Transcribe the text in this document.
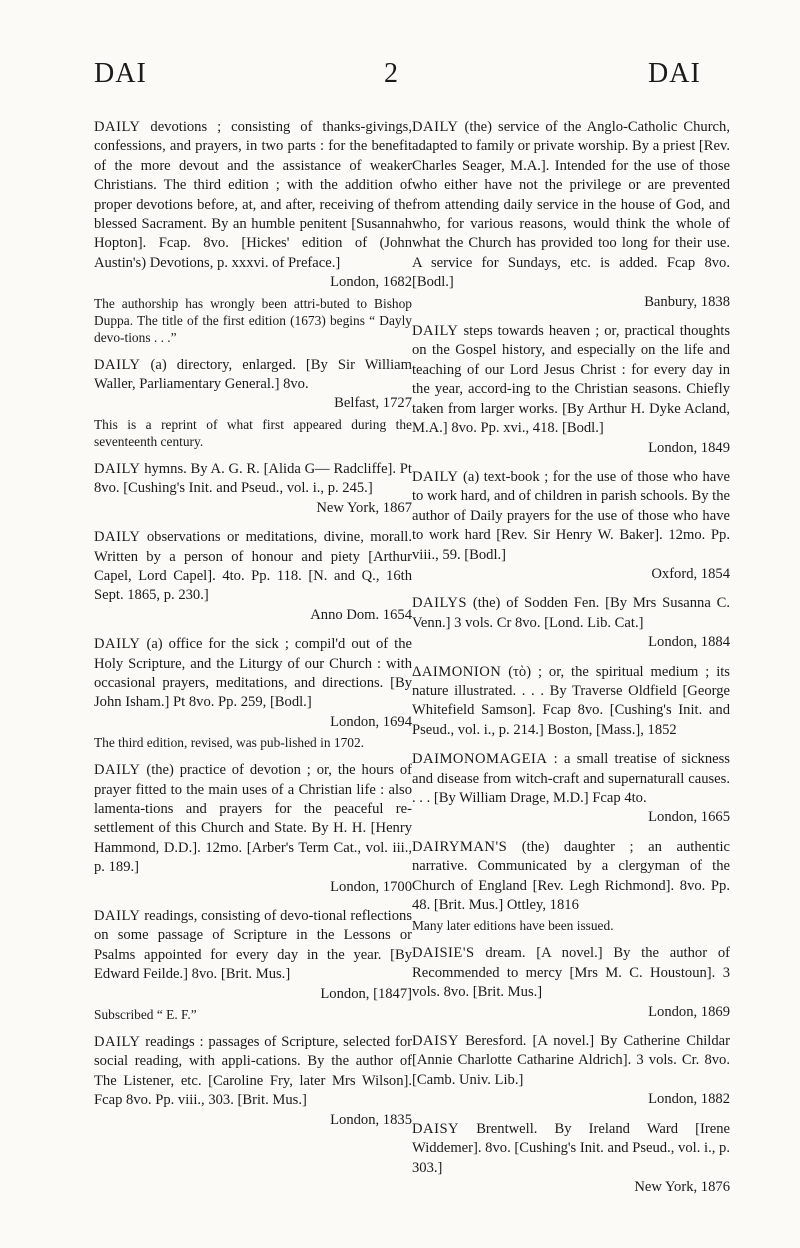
DAI	2	DAI
DAILY devotions ; consisting of thanks-givings, confessions, and prayers, in two parts : for the benefit of the more devout and the assistance of weaker Christians. The third edition ; with the addition of proper devotions before, at, and after, receiving of the blessed Sacrament. By an humble penitent [Susannah Hopton]. Fcap. 8vo. [Hickes' edition of (John Austin's) Devotions, p. xxxvi. of Preface.]
London, 1682
The authorship has wrongly been attri-buted to Bishop Duppa. The title of the first edition (1673) begins “ Dayly devo-tions . . .”
DAILY (a) directory, enlarged. [By Sir William Waller, Parliamentary General.] 8vo.
Belfast, 1727
This is a reprint of what first appeared during the seventeenth century.
DAILY hymns. By A. G. R. [Alida G— Radcliffe]. Pt 8vo. [Cushing's Init. and Pseud., vol. i., p. 245.]
New York, 1867
DAILY observations or meditations, divine, morall. Written by a person of honour and piety [Arthur Capel, Lord Capel]. 4to. Pp. 118. [N. and Q., 16th Sept. 1865, p. 230.]
Anno Dom. 1654
DAILY (a) office for the sick ; compil'd out of the Holy Scripture, and the Liturgy of our Church : with occasional prayers, meditations, and directions. [By John Isham.] Pt 8vo. Pp. 259, [Bodl.]
London, 1694
The third edition, revised, was pub-lished in 1702.
DAILY (the) practice of devotion ; or, the hours of prayer fitted to the main uses of a Christian life : also lamenta-tions and prayers for the peaceful re-settlement of this Church and State. By H. H. [Henry Hammond, D.D.]. 12mo. [Arber's Term Cat., vol. iii., p. 189.]
London, 1700
DAILY readings, consisting of devo-tional reflections on some passage of Scripture in the Lessons or Psalms appointed for every day in the year. [By Edward Feilde.] 8vo. [Brit. Mus.]
London, [1847]
Subscribed “ E. F.”
DAILY readings : passages of Scripture, selected for social reading, with appli-cations. By the author of The Listener, etc. [Caroline Fry, later Mrs Wilson]. Fcap 8vo. Pp. viii., 303. [Brit. Mus.]
London, 1835
DAILY (the) service of the Anglo-Catholic Church, adapted to family or private worship. By a priest [Rev. Charles Seager, M.A.]. Intended for the use of those who either have not the privilege or are prevented from attending daily service in the house of God, and who, for various reasons, would think the whole of what the Church has provided too long for their use. A service for Sundays, etc. is added. Fcap 8vo. [Bodl.]
Banbury, 1838
DAILY steps towards heaven ; or, practical thoughts on the Gospel history, and especially on the life and teaching of our Lord Jesus Christ : for every day in the year, accord-ing to the Christian seasons. Chiefly taken from larger works. [By Arthur H. Dyke Acland, M.A.] 8vo. Pp. xvi., 418. [Bodl.]
London, 1849
DAILY (a) text-book ; for the use of those who have to work hard, and of children in parish schools. By the author of Daily prayers for the use of those who have to work hard [Rev. Sir Henry W. Baker]. 12mo. Pp. viii., 59. [Bodl.]
Oxford, 1854
DAILYS (the) of Sodden Fen. [By Mrs Susanna C. Venn.] 3 vols. Cr 8vo. [Lond. Lib. Cat.]
London, 1884
ΔΑΙΜΟΝΙΟΝ (τὸ) ; or, the spiritual medium ; its nature illustrated. . . . By Traverse Oldfield [George Whitefield Samson]. Fcap 8vo. [Cushing's Init. and Pseud., vol. i., p. 214.] Boston, [Mass.], 1852
DAIMONOMAGEIA : a small treatise of sickness and disease from witch-craft and supernaturall causes. . . . [By William Drage, M.D.] Fcap 4to.
London, 1665
DAIRYMAN'S (the) daughter ; an authentic narrative. Communicated by a clergyman of the Church of England [Rev. Legh Richmond]. 8vo. Pp. 48. [Brit. Mus.] Ottley, 1816
Many later editions have been issued.
DAISIE'S dream. [A novel.] By the author of Recommended to mercy [Mrs M. C. Houstoun]. 3 vols. 8vo. [Brit. Mus.]
London, 1869
DAISY Beresford. [A novel.] By Catherine Childar [Annie Charlotte Catharine Aldrich]. 3 vols. Cr. 8vo. [Camb. Univ. Lib.]
London, 1882
DAISY Brentwell. By Ireland Ward [Irene Widdemer]. 8vo. [Cushing's Init. and Pseud., vol. i., p. 303.]
New York, 1876
